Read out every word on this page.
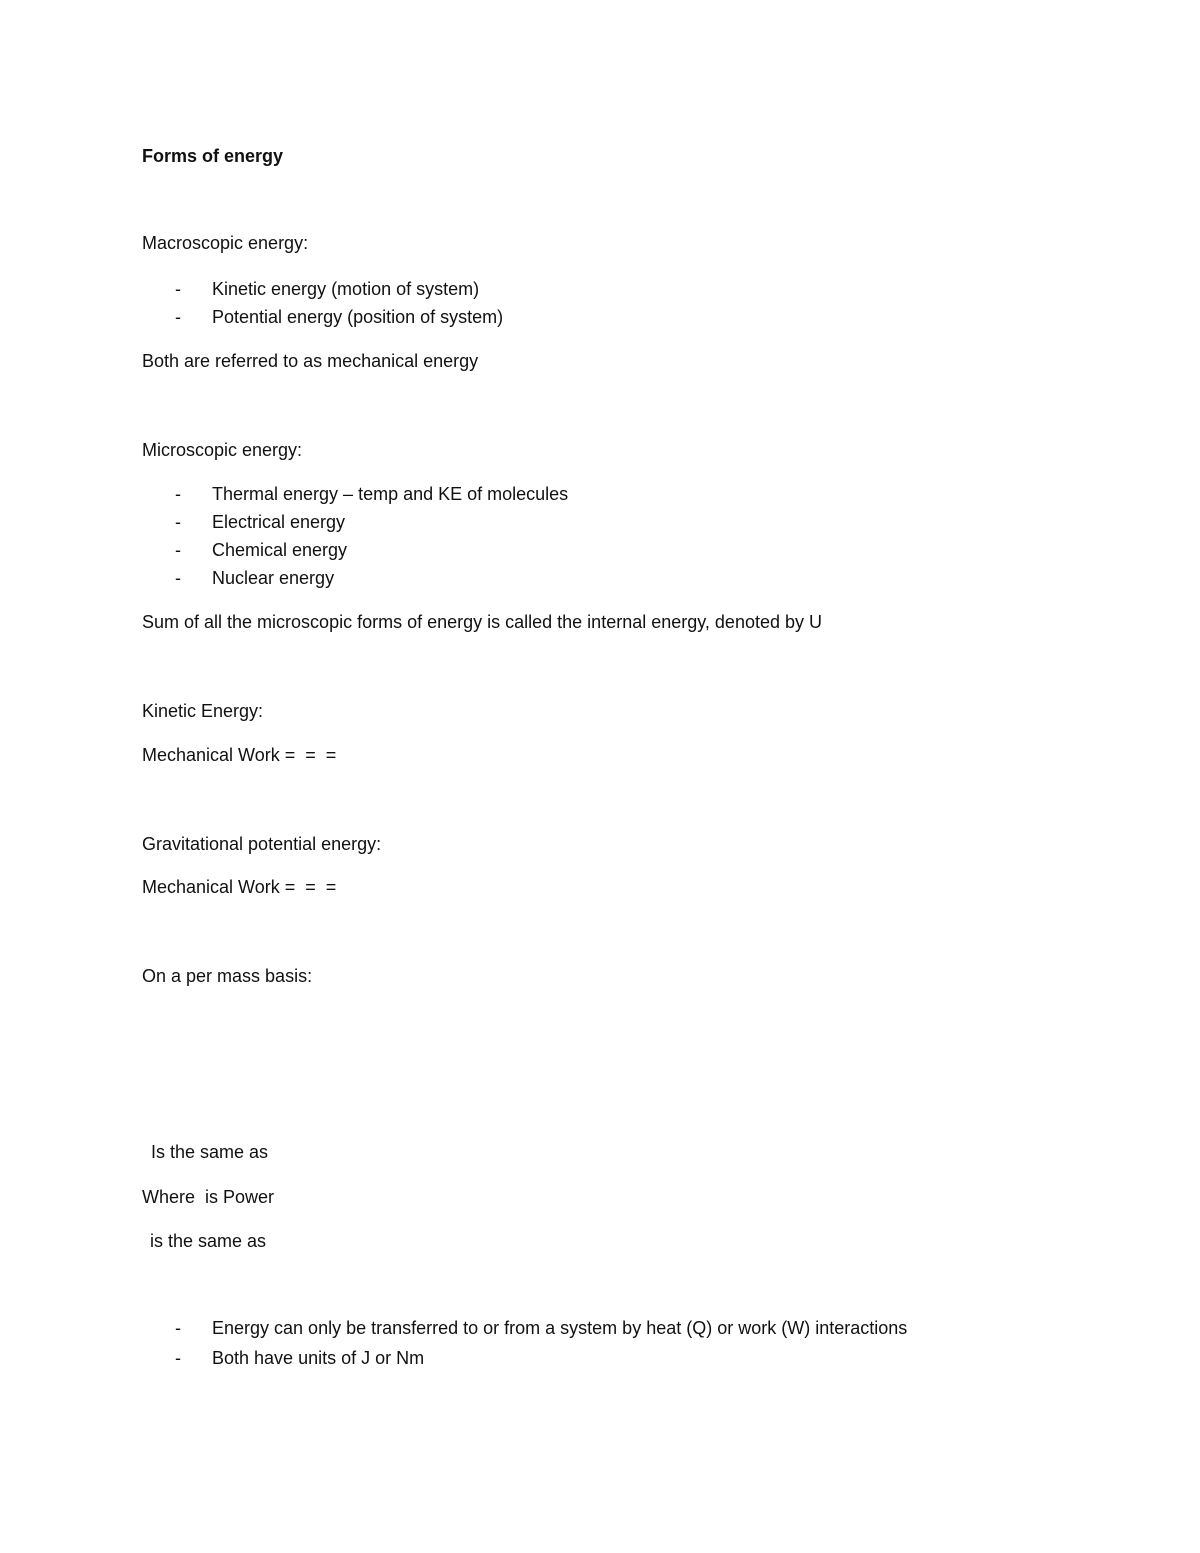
Forms of energy
Macroscopic energy:
-	Kinetic energy (motion of system)
-	Potential energy (position of system)
Both are referred to as mechanical energy
Microscopic energy:
-	Thermal energy – temp and KE of molecules
-	Electrical energy
-	Chemical energy
-	Nuclear energy
Sum of all the microscopic forms of energy is called the internal energy, denoted by U
Kinetic Energy:
Mechanical Work =  =  =
Gravitational potential energy:
Mechanical Work =  =  =
On a per mass basis:
Is the same as
Where  is Power
is the same as
-	Energy can only be transferred to or from a system by heat (Q) or work (W) interactions
-	Both have units of J or Nm
